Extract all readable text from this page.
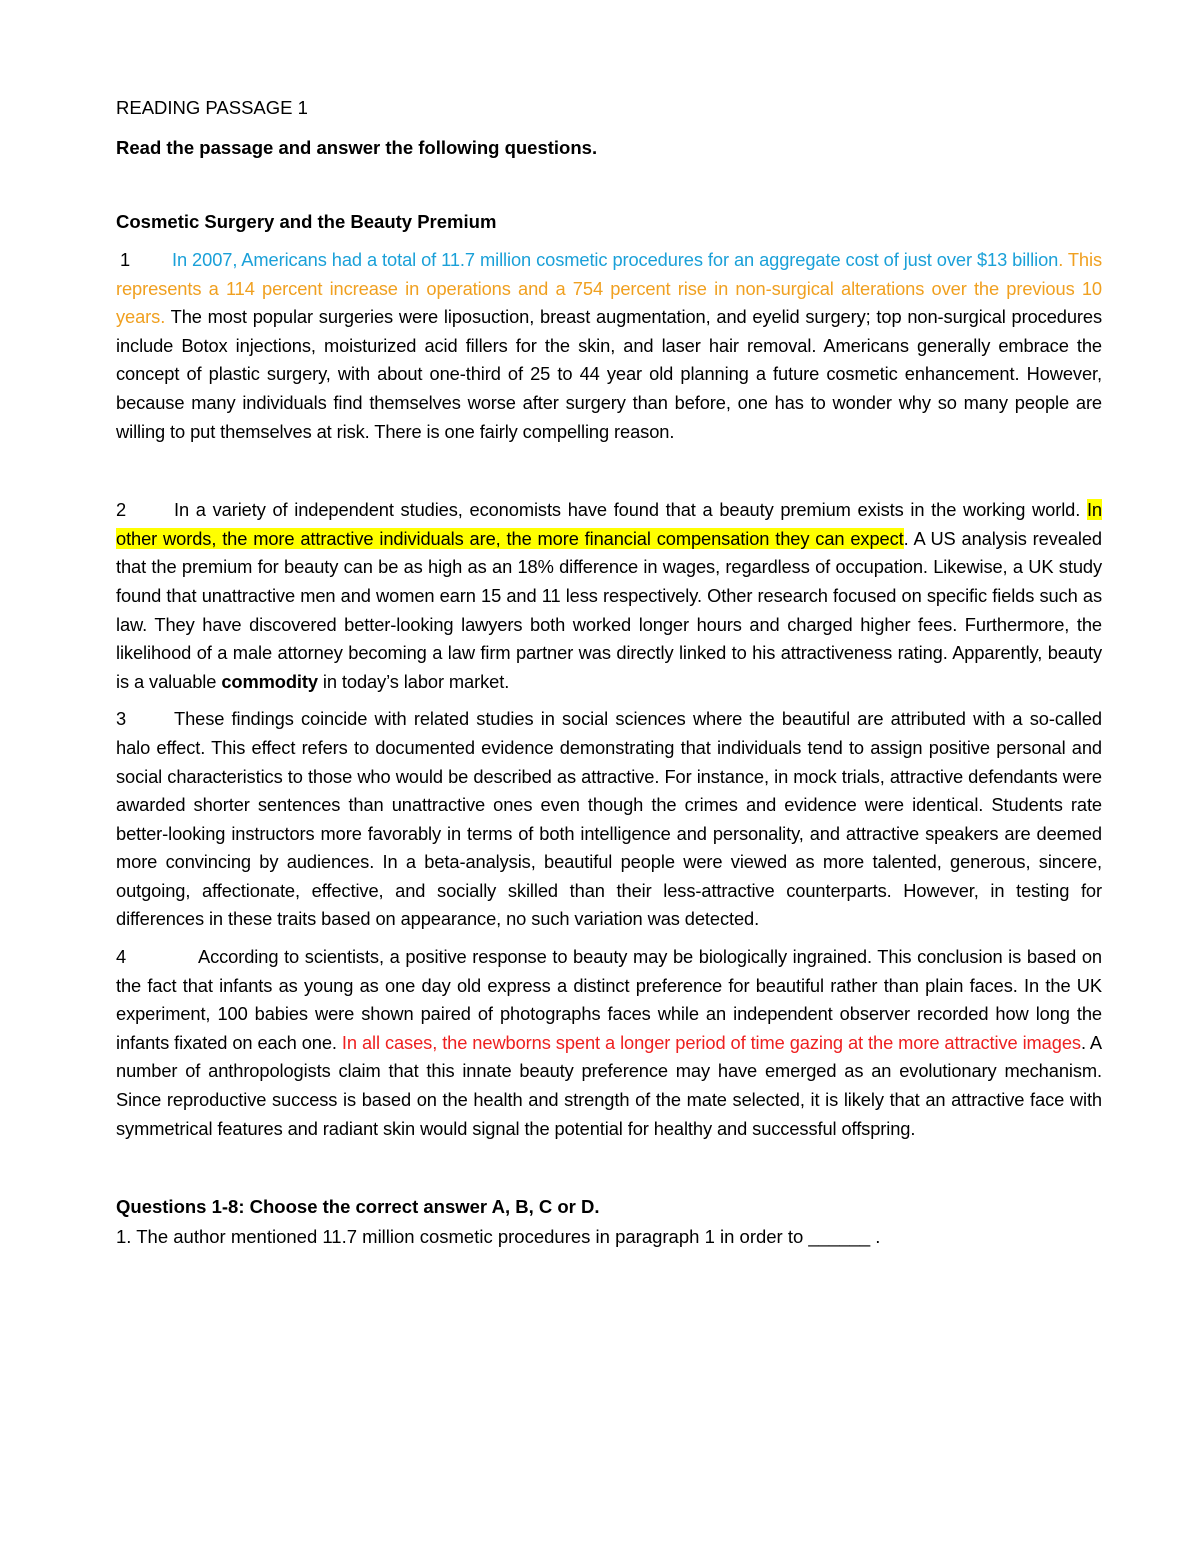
READING PASSAGE 1

Read the passage and answer the following questions.

Cosmetic Surgery and the Beauty Premium

1 In 2007, Americans had a total of 11.7 million cosmetic procedures for an aggregate cost of just over $13 billion. This represents a 114 percent increase in operations and a 754 percent rise in non-surgical alterations over the previous 10 years. The most popular surgeries were liposuction, breast augmentation, and eyelid surgery; top non-surgical procedures include Botox injections, moisturized acid fillers for the skin, and laser hair removal. Americans generally embrace the concept of plastic surgery, with about one-third of 25 to 44 year old planning a future cosmetic enhancement. However, because many individuals find themselves worse after surgery than before, one has to wonder why so many people are willing to put themselves at risk. There is one fairly compelling reason.

2	In a variety of independent studies, economists have found that a beauty premium exists in the working world. In other words, the more attractive individuals are, the more financial compensation they can expect. A US analysis revealed that the premium for beauty can be as high as an 18% difference in wages, regardless of occupation. Likewise, a UK study found that unattractive men and women earn 15 and 11 less respectively. Other research focused on specific fields such as law. They have discovered better-looking lawyers both worked longer hours and charged higher fees. Furthermore, the likelihood of a male attorney becoming a law firm partner was directly linked to his attractiveness rating. Apparently, beauty is a valuable commodity in today’s labor market.

3	These findings coincide with related studies in social sciences where the beautiful are attributed with a so-called halo effect. This effect refers to documented evidence demonstrating that individuals tend to assign positive personal and social characteristics to those who would be described as attractive. For instance, in mock trials, attractive defendants were awarded shorter sentences than unattractive ones even though the crimes and evidence were identical. Students rate better-looking instructors more favorably in terms of both intelligence and personality, and attractive speakers are deemed more convincing by audiences. In a beta-analysis, beautiful people were viewed as more talented, generous, sincere, outgoing, affectionate, effective, and socially skilled than their less-attractive counterparts. However, in testing for differences in these traits based on appearance, no such variation was detected.

4	According to scientists, a positive response to beauty may be biologically ingrained. This conclusion is based on the fact that infants as young as one day old express a distinct preference for beautiful rather than plain faces. In the UK experiment, 100 babies were shown paired of photographs faces while an independent observer recorded how long the infants fixated on each one. In all cases, the newborns spent a longer period of time gazing at the more attractive images. A number of anthropologists claim that this innate beauty preference may have emerged as an evolutionary mechanism. Since reproductive success is based on the health and strength of the mate selected, it is likely that an attractive face with symmetrical features and radiant skin would signal the potential for healthy and successful offspring.

Questions 1-8: Choose the correct answer A, B, C or D.

1. The author mentioned 11.7 million cosmetic procedures in paragraph 1 in order to ______ .
